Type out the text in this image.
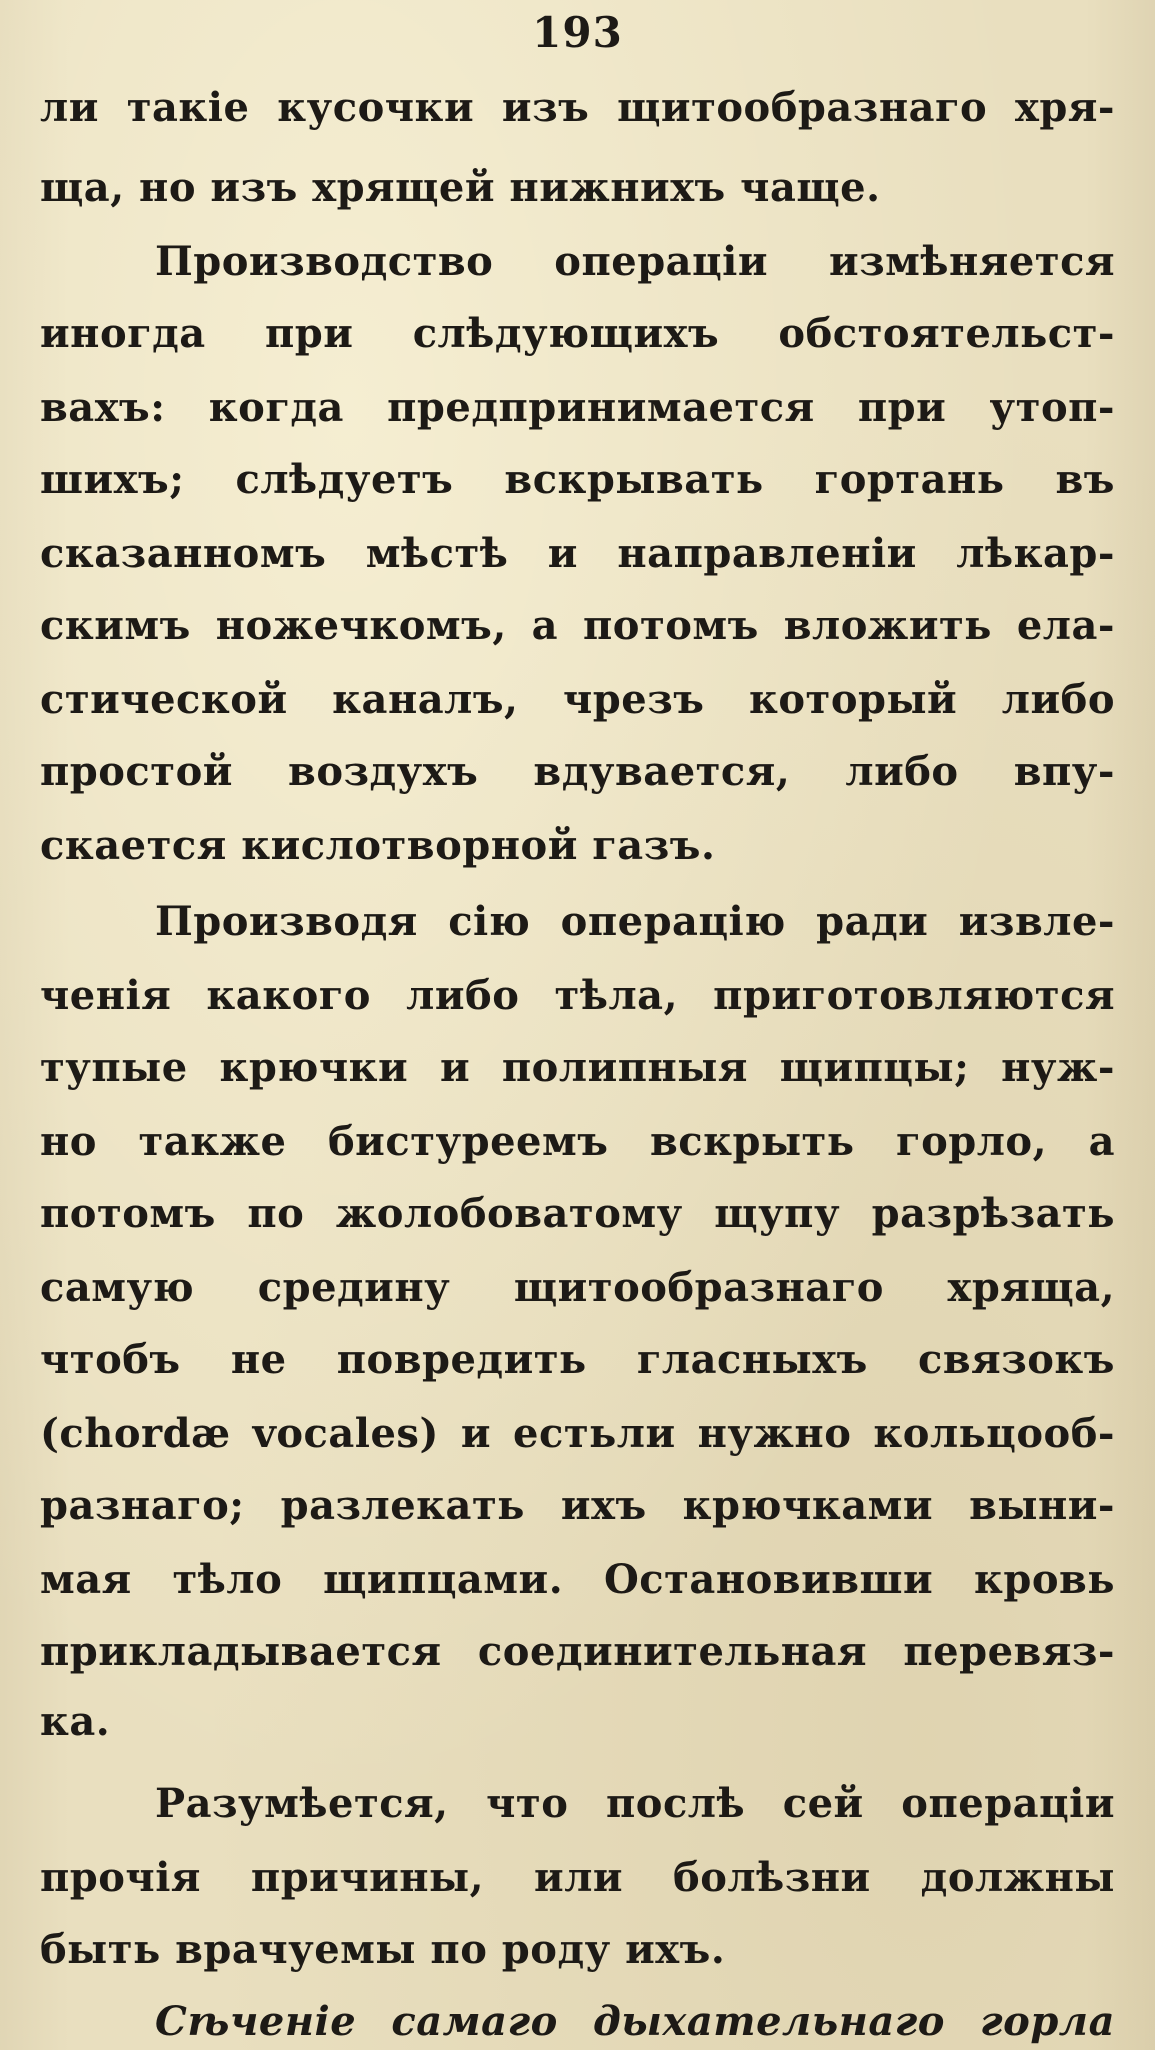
193
ли такіе кусочки изъ щитообразнаго хря-
ща, но изъ хрящей нижнихъ чаще.
Производство операціи измѣняется
иногда при слѣдующихъ обстоятельст-
вахъ: когда предпринимается при утоп-
шихъ; слѣдуетъ вскрывать гортань въ
сказанномъ мѣстѣ и направленіи лѣкар-
скимъ ножечкомъ, а потомъ вложить ела-
стической каналъ, чрезъ который либо
простой воздухъ вдувается, либо впу-
скается кислотворной газъ.
Производя сію операцію ради извле-
ченія какого либо тѣла, приготовляются
тупые крючки и полипныя щипцы; нуж-
но также бистуреемъ вскрыть горло, а
потомъ по жолобоватому щупу разрѣзать
самую средину щитообразнаго хряща,
чтобъ не повредить гласныхъ связокъ
(chordæ vocales) и естьли нужно кольцооб-
разнаго; разлекать ихъ крючками выни-
мая тѣло щипцами. Остановивши кровь
прикладывается соединительная перевяз-
ка.
Разумѣется, что послѣ сей операціи
прочія причины, или болѣзни должны
быть врачуемы по роду ихъ.
Сѣченіе самаго дыхательнаго горла
